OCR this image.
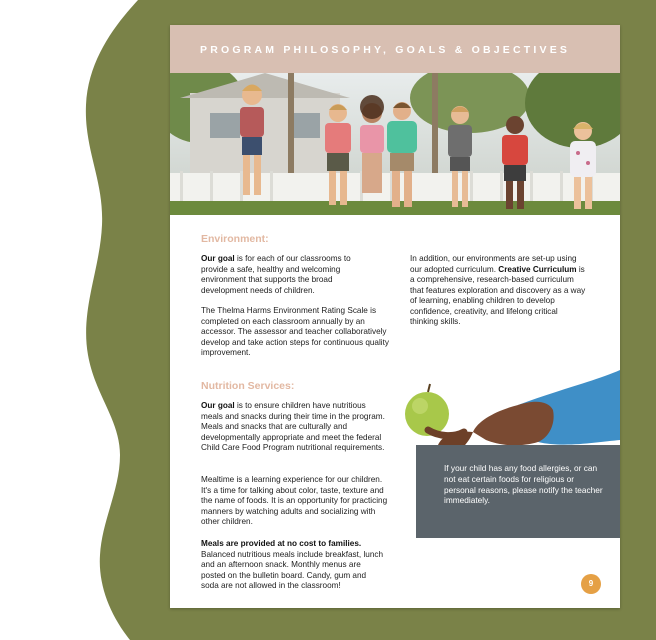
PROGRAM PHILOSOPHY, GOALS & OBJECTIVES
Environment:
Our goal is for each of our classrooms to provide a safe, healthy and welcoming environment that supports the broad development needs of children.
The Thelma Harms Environment Rating Scale is completed on each classroom annually by an accessor. The assessor and teacher collaboratively develop and take action steps for continuous quality improvement.
In addition, our environments are set-up using our adopted curriculum. Creative Curriculum is a comprehensive, research-based curriculum that features exploration and discovery as a way of learning, enabling children to develop confidence, creativity, and lifelong critical thinking skills.
Nutrition Services:
Our goal is to ensure children have nutritious meals and snacks during their time in the program. Meals and snacks that are culturally and developmentally appropriate and meet the federal Child Care Food Program nutritional requirements.
Mealtime is a learning experience for our children. It's a time for talking about color, taste, texture and the name of foods. It is an opportunity for practicing manners by watching adults and socializing with other children.
Meals are provided at no cost to families. Balanced nutritious meals include breakfast, lunch and an afternoon snack. Monthly menus are posted on the bulletin board. Candy, gum and soda are not allowed in the classroom!
If your child has any food allergies, or can not eat certain foods for religious or personal reasons, please notify the teacher immediately.
9
